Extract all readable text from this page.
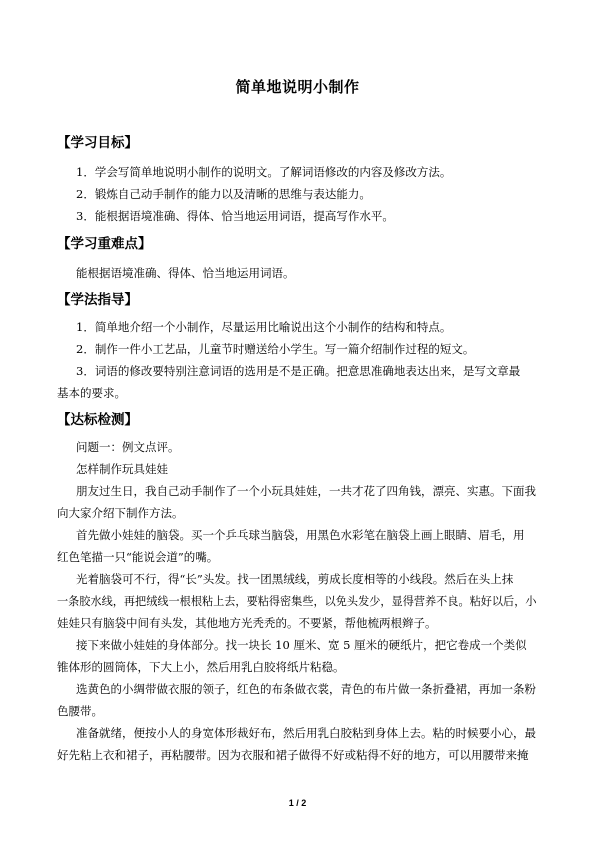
简单地说明小制作
【学习目标】
1．学会写简单地说明小制作的说明文。了解词语修改的内容及修改方法。
2．锻炼自己动手制作的能力以及清晰的思维与表达能力。
3．能根据语境准确、得体、恰当地运用词语，提高写作水平。
【学习重难点】
能根据语境准确、得体、恰当地运用词语。
【学法指导】
1．简单地介绍一个小制作，尽量运用比喻说出这个小制作的结构和特点。
2．制作一件小工艺品，儿童节时赠送给小学生。写一篇介绍制作过程的短文。
3．词语的修改要特别注意词语的选用是不是正确。把意思准确地表达出来，是写文章最
基本的要求。
【达标检测】
问题一：例文点评。
怎样制作玩具娃娃
朋友过生日，我自己动手制作了一个小玩具娃娃，一共才花了四角钱，漂亮、实惠。下面我
向大家介绍下制作方法。
首先做小娃娃的脑袋。买一个乒乓球当脑袋，用黑色水彩笔在脑袋上画上眼睛、眉毛，用
红色笔描一只“能说会道”的嘴。
光着脑袋可不行，得“长”头发。找一团黑绒线，剪成长度相等的小线段。然后在头上抹
一条胶水线，再把绒线一根根粘上去，要粘得密集些，以免头发少，显得营养不良。粘好以后，小
娃娃只有脑袋中间有头发，其他地方光秃秃的。不要紧，帮他梳两根辫子。
接下来做小娃娃的身体部分。找一块长 10 厘米、宽 5 厘米的硬纸片，把它卷成一个类似
锥体形的圆筒体，下大上小，然后用乳白胶将纸片粘稳。
选黄色的小绸带做衣服的领子，红色的布条做衣裳，青色的布片做一条折叠裙，再加一条粉
色腰带。
准备就绪，便按小人的身宽体形裁好布，然后用乳白胶粘到身体上去。粘的时候要小心，最
好先粘上衣和裙子，再粘腰带。因为衣服和裙子做得不好或粘得不好的地方，可以用腰带来掩
1 / 2
